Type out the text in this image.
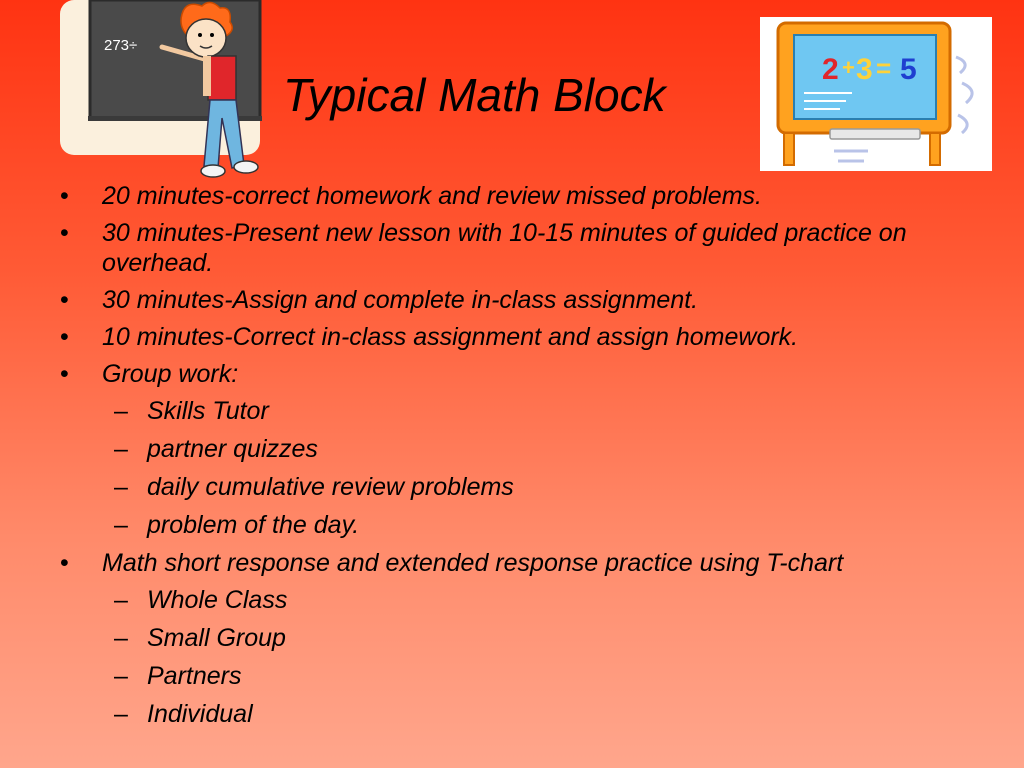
273÷
Typical Math Block	2 + 3 = 5
• 20 minutes-correct homework and review missed problems.
• 30 minutes-Present new lesson with 10-15 minutes of guided practice on overhead.
• 30 minutes-Assign and complete in-class assignment.
• 10 minutes-Correct in-class assignment and assign homework.
• Group work:
– Skills Tutor
– partner quizzes
– daily cumulative review problems
– problem of the day.
• Math short response and extended response practice using T-chart
– Whole Class
– Small Group
– Partners
– Individual
